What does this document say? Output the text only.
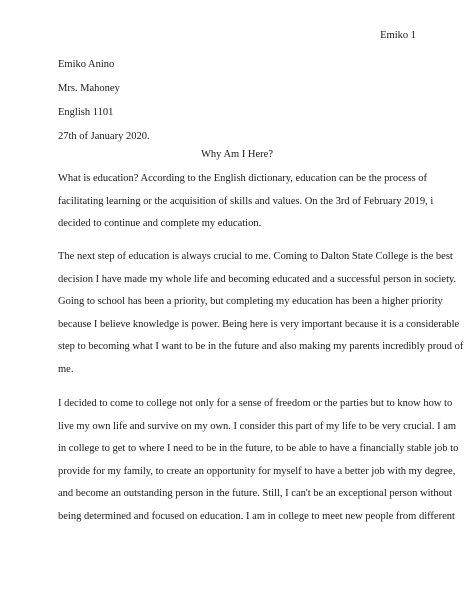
Emiko 1
Emiko Anino
Mrs. Mahoney
English 1101
27th of January 2020.
Why Am I Here?
What is education? According to the English dictionary, education can be the process of
facilitating learning or the acquisition of skills and values. On the 3rd of February 2019, i
decided to continue and complete my education.
The next step of education is always crucial to me. Coming to Dalton State College is the best
decision I have made my whole life and becoming educated and a successful person in society.
Going to school has been a priority, but completing my education has been a higher priority
because I believe knowledge is power. Being here is very important because it is a considerable
step to becoming what I want to be in the future and also making my parents incredibly proud of
me.
I decided to come to college not only for a sense of freedom or the parties but to know how to
live my own life and survive on my own. I consider this part of my life to be very crucial. I am
in college to get to where I need to be in the future, to be able to have a financially stable job to
provide for my family, to create an opportunity for myself to have a better job with my degree,
and become an outstanding person in the future. Still, I can't be an exceptional person without
being determined and focused on education. I am in college to meet new people from different
